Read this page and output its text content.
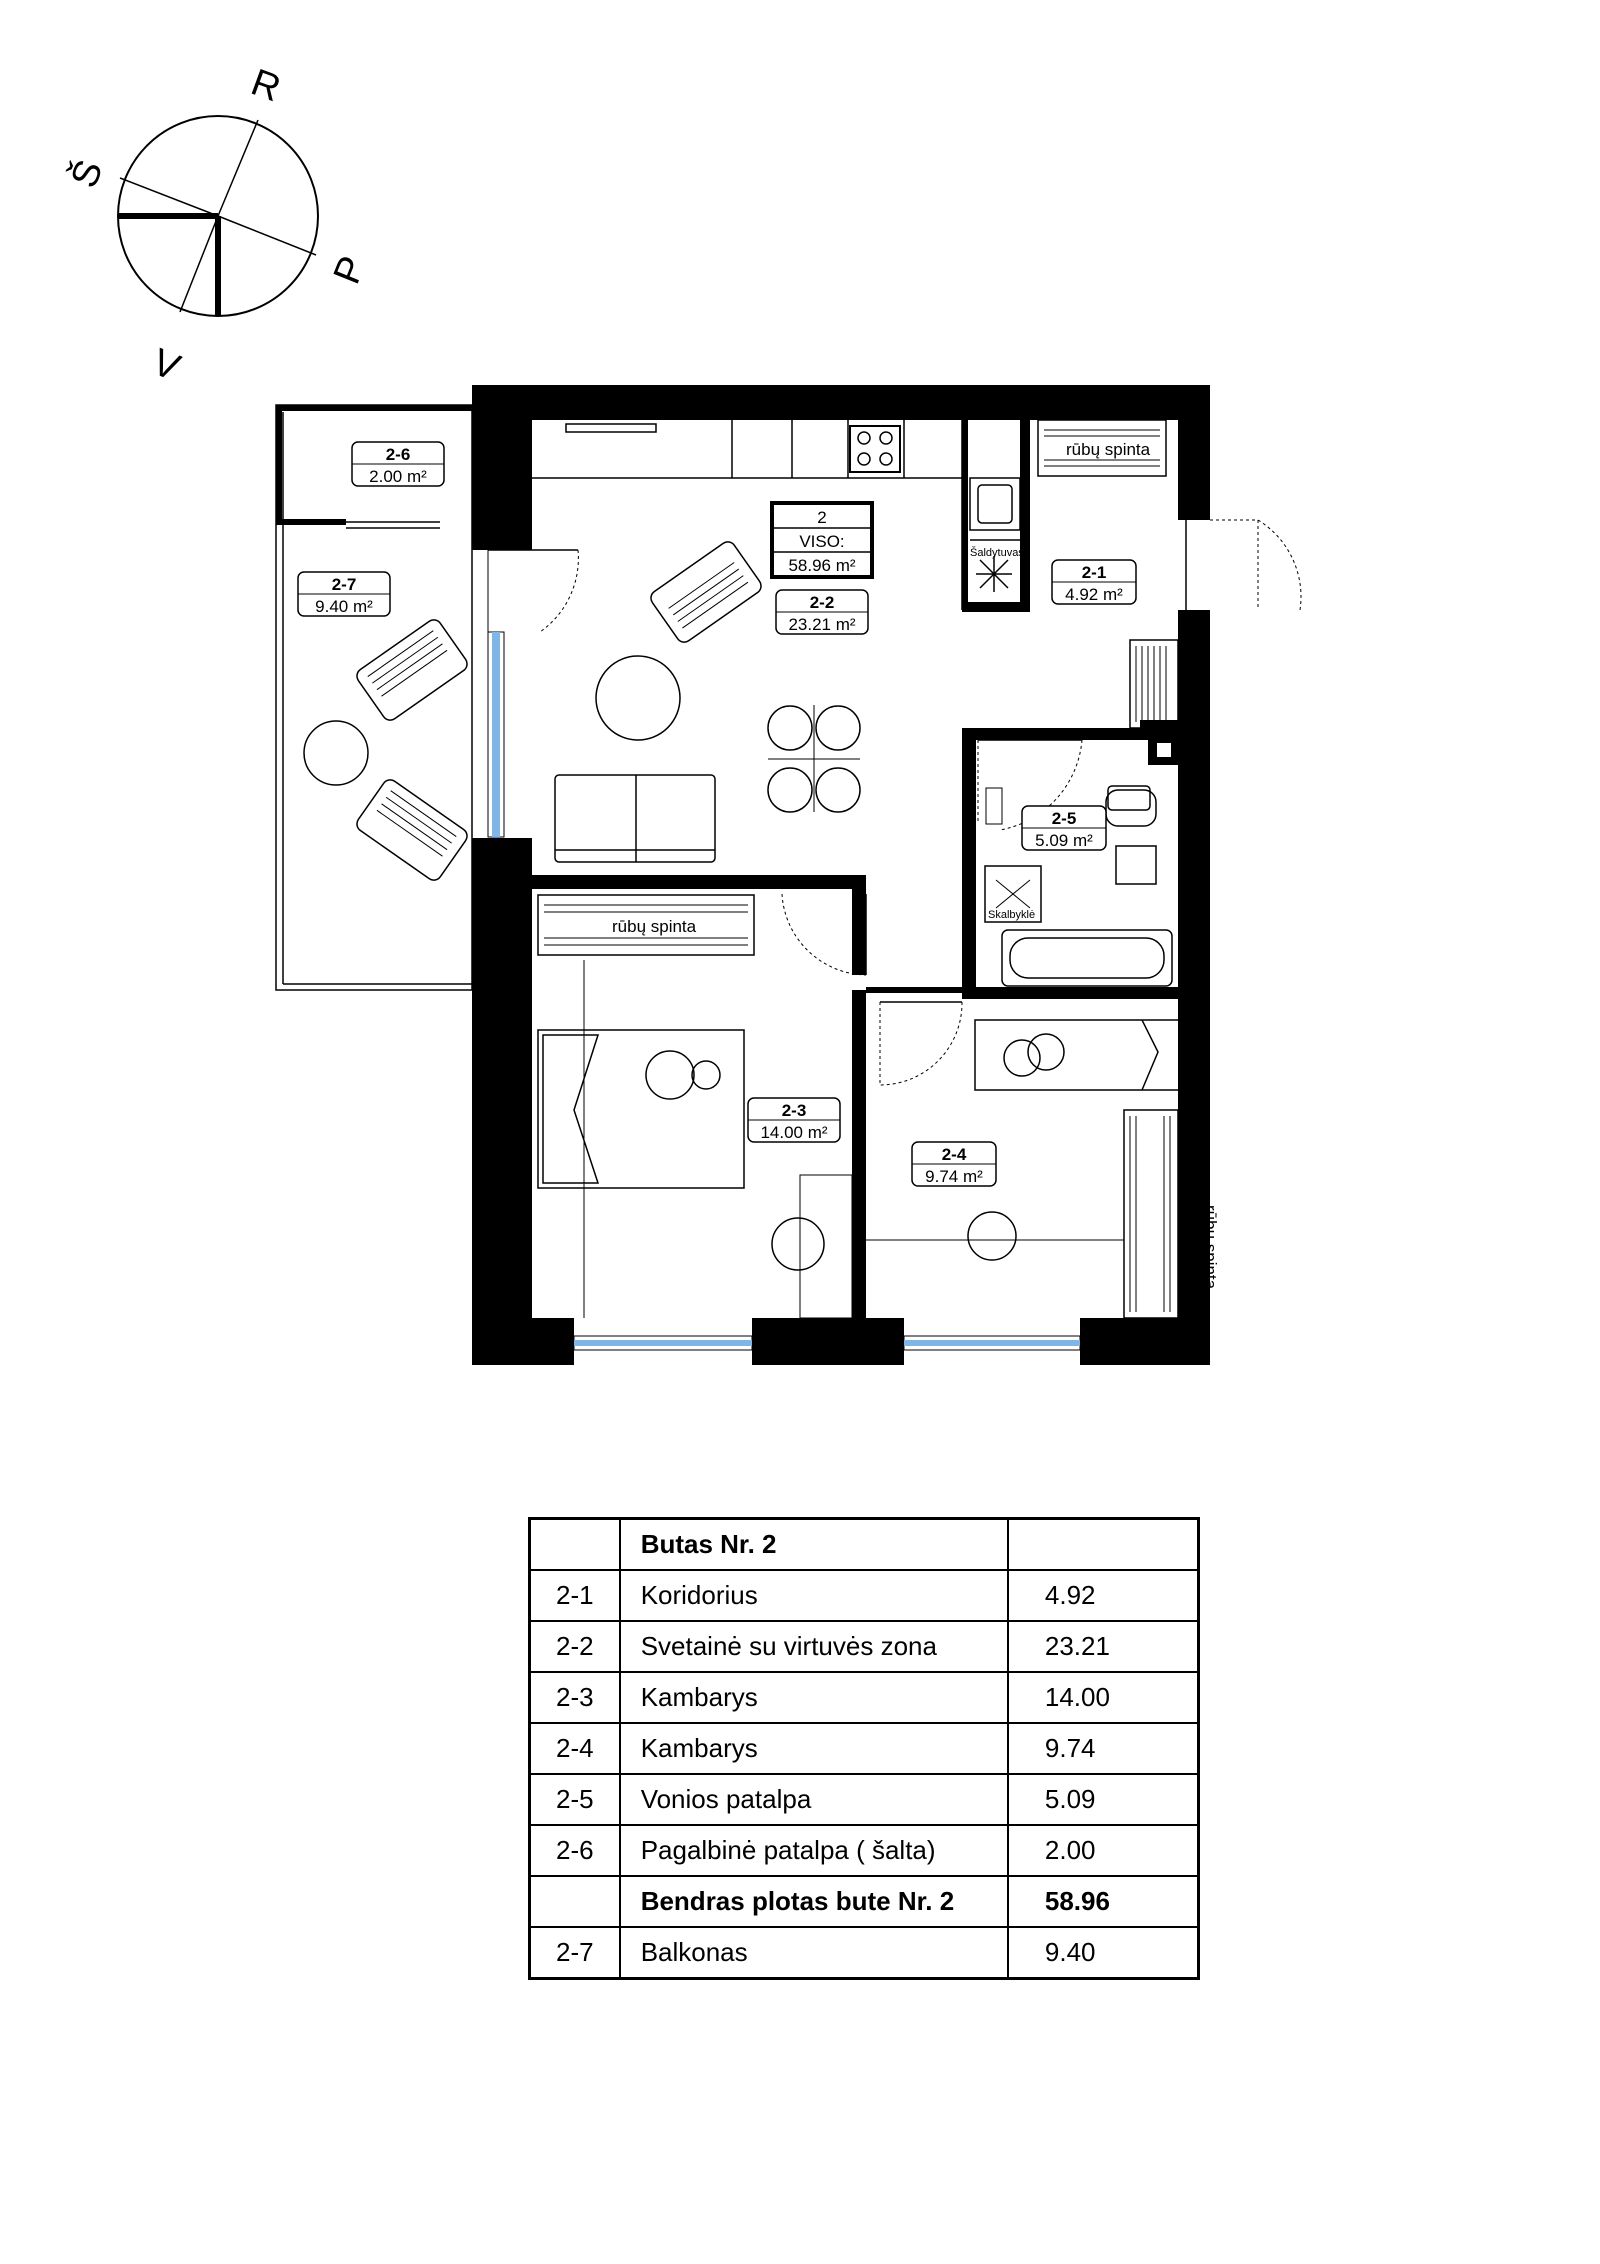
R
Š
P
V
Šaldytuvas
rūbų spinta
Skalbyklė
rūbų spinta
rūbų spinta
2-6
2.00 m²
2-7
9.40 m²
2
VISO:
58.96 m²
2-2
23.21 m²
2-1
4.92 m²
2-5
5.09 m²
2-3
14.00 m²
2-4
9.74 m²
	Butas Nr. 2	
2-1	Koridorius	4.92
2-2	Svetainė su virtuvės zona	23.21
2-3	Kambarys	14.00
2-4	Kambarys	9.74
2-5	Vonios patalpa	5.09
2-6	Pagalbinė patalpa ( šalta)	2.00
	Bendras plotas bute Nr. 2	58.96
2-7	Balkonas	9.40
